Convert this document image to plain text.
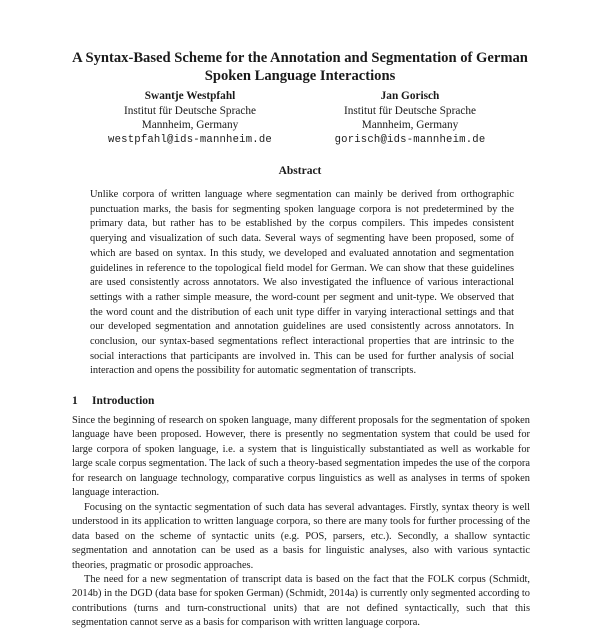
A Syntax-Based Scheme for the Annotation and Segmentation of German
Spoken Language Interactions
Swantje Westpfahl
Institut für Deutsche Sprache
Mannheim, Germany
westpfahl@ids-mannheim.de
Jan Gorisch
Institut für Deutsche Sprache
Mannheim, Germany
gorisch@ids-mannheim.de
Abstract

Unlike corpora of written language where segmentation can mainly be derived from orthographic punctuation marks, the basis for segmenting spoken language corpora is not predetermined by the primary data, but rather has to be established by the corpus compilers. This impedes consistent querying and visualization of such data. Several ways of segmenting have been proposed, some of which are based on syntax. In this study, we developed and evaluated annotation and segmentation guidelines in reference to the topological field model for German. We can show that these guidelines are used consistently across annotators. We also investigated the influence of various interactional settings with a rather simple measure, the word-count per segment and unit-type. We observed that the word count and the distribution of each unit type differ in varying interactional settings and that our developed segmentation and annotation guidelines are used consistently across annotators. In conclusion, our syntax-based segmentations reflect interactional properties that are intrinsic to the social interactions that participants are involved in. This can be used for further analysis of social interaction and opens the possibility for automatic segmentation of transcripts.

1 Introduction

Since the beginning of research on spoken language, many different proposals for the segmentation of spoken language have been proposed. However, there is presently no segmentation system that could be used for large corpora of spoken language, i.e. a system that is linguistically substantiated as well as workable for large scale corpus segmentation. The lack of such a theory-based segmentation impedes the use of the corpora for research on language technology, comparative corpus linguistics as well as analyses in terms of spoken language interaction.

Focusing on the syntactic segmentation of such data has several advantages. Firstly, syntax theory is well understood in its application to written language corpora, so there are many tools for further processing of the data based on the scheme of syntactic units (e.g. POS, parsers, etc.). Secondly, a shallow syntactic segmentation and annotation can be used as a basis for linguistic analyses, also with various syntactic theories, pragmatic or prosodic approaches.

The need for a new segmentation of transcript data is based on the fact that the FOLK corpus (Schmidt, 2014b) in the DGD (data base for spoken German) (Schmidt, 2014a) is currently only segmented according to contributions (turns and turn-constructional units) that are not defined syntactically, such that this segmentation cannot serve as a basis for comparison with written language corpora.
